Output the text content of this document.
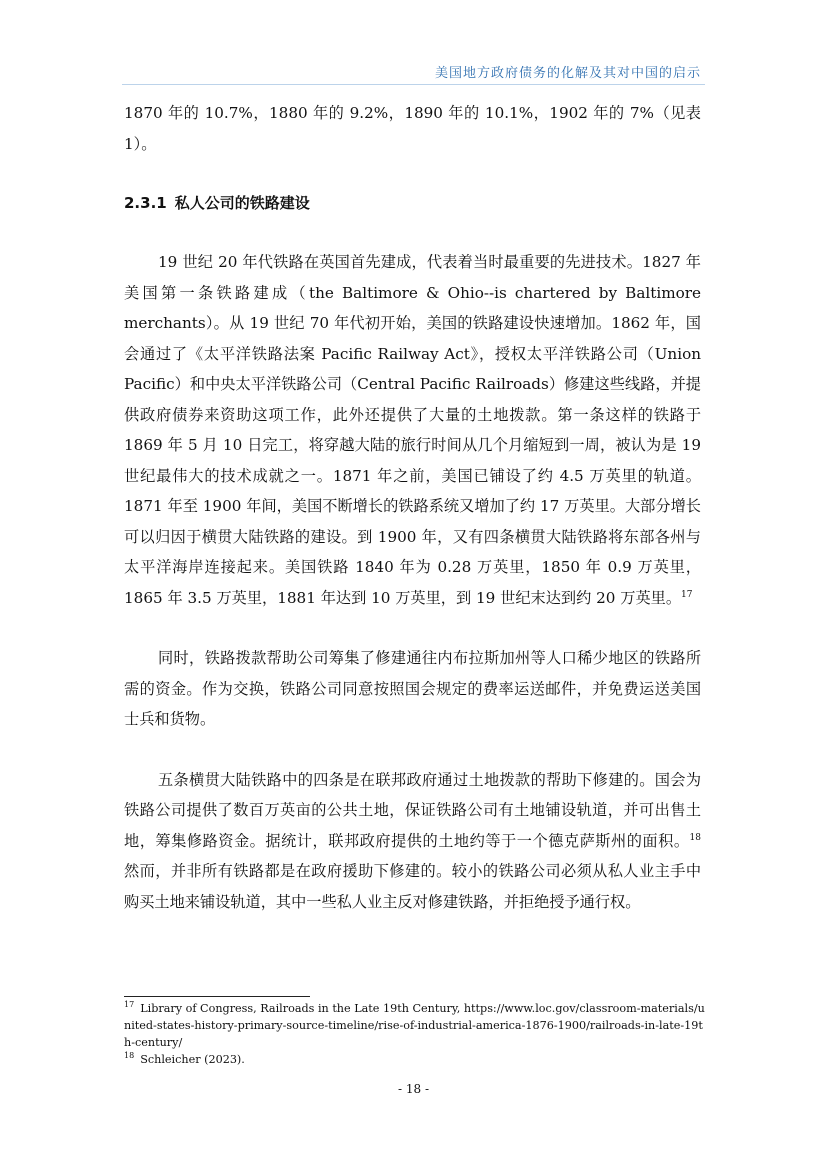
美国地方政府债务的化解及其对中国的启示

1870 年的 10.7%，1880 年的 9.2%，1890 年的 10.1%，1902 年的 7%（见表 1）。

2.3.1 私人公司的铁路建设

19 世纪 20 年代铁路在英国首先建成，代表着当时最重要的先进技术。1827 年美国第一条铁路建成（the Baltimore & Ohio--is chartered by Baltimore merchants）。从 19 世纪 70 年代初开始，美国的铁路建设快速增加。1862 年，国会通过了《太平洋铁路法案 Pacific Railway Act》，授权太平洋铁路公司（Union Pacific）和中央太平洋铁路公司（Central Pacific Railroads）修建这些线路，并提供政府债券来资助这项工作，此外还提供了大量的土地拨款。第一条这样的铁路于 1869 年 5 月 10 日完工，将穿越大陆的旅行时间从几个月缩短到一周，被认为是 19 世纪最伟大的技术成就之一。1871 年之前，美国已铺设了约 4.5 万英里的轨道。1871 年至 1900 年间，美国不断增长的铁路系统又增加了约 17 万英里。大部分增长可以归因于横贯大陆铁路的建设。到 1900 年，又有四条横贯大陆铁路将东部各州与太平洋海岸连接起来。美国铁路 1840 年为 0.28 万英里，1850 年 0.9 万英里，1865 年 3.5 万英里，1881 年达到 10 万英里，到 19 世纪末达到约 20 万英里。$^{17}$

同时，铁路拨款帮助公司筹集了修建通往内布拉斯加州等人口稀少地区的铁路所需的资金。作为交换，铁路公司同意按照国会规定的费率运送邮件，并免费运送美国士兵和货物。

五条横贯大陆铁路中的四条是在联邦政府通过土地拨款的帮助下修建的。国会为铁路公司提供了数百万英亩的公共土地，保证铁路公司有土地铺设轨道，并可出售土地，筹集修路资金。据统计，联邦政府提供的土地约等于一个德克萨斯州的面积。$^{18}$ 然而，并非所有铁路都是在政府援助下修建的。较小的铁路公司必须从私人业主手中购买土地来铺设轨道，其中一些私人业主反对修建铁路，并拒绝授予通行权。

$^{17}$ Library of Congress, Railroads in the Late 19th Century, https://www.loc.gov/classroom-materials/united-states-history-primary-source-timeline/rise-of-industrial-america-1876-1900/railroads-in-late-19th-century/

$^{18}$ Schleicher (2023).

- 18 -
